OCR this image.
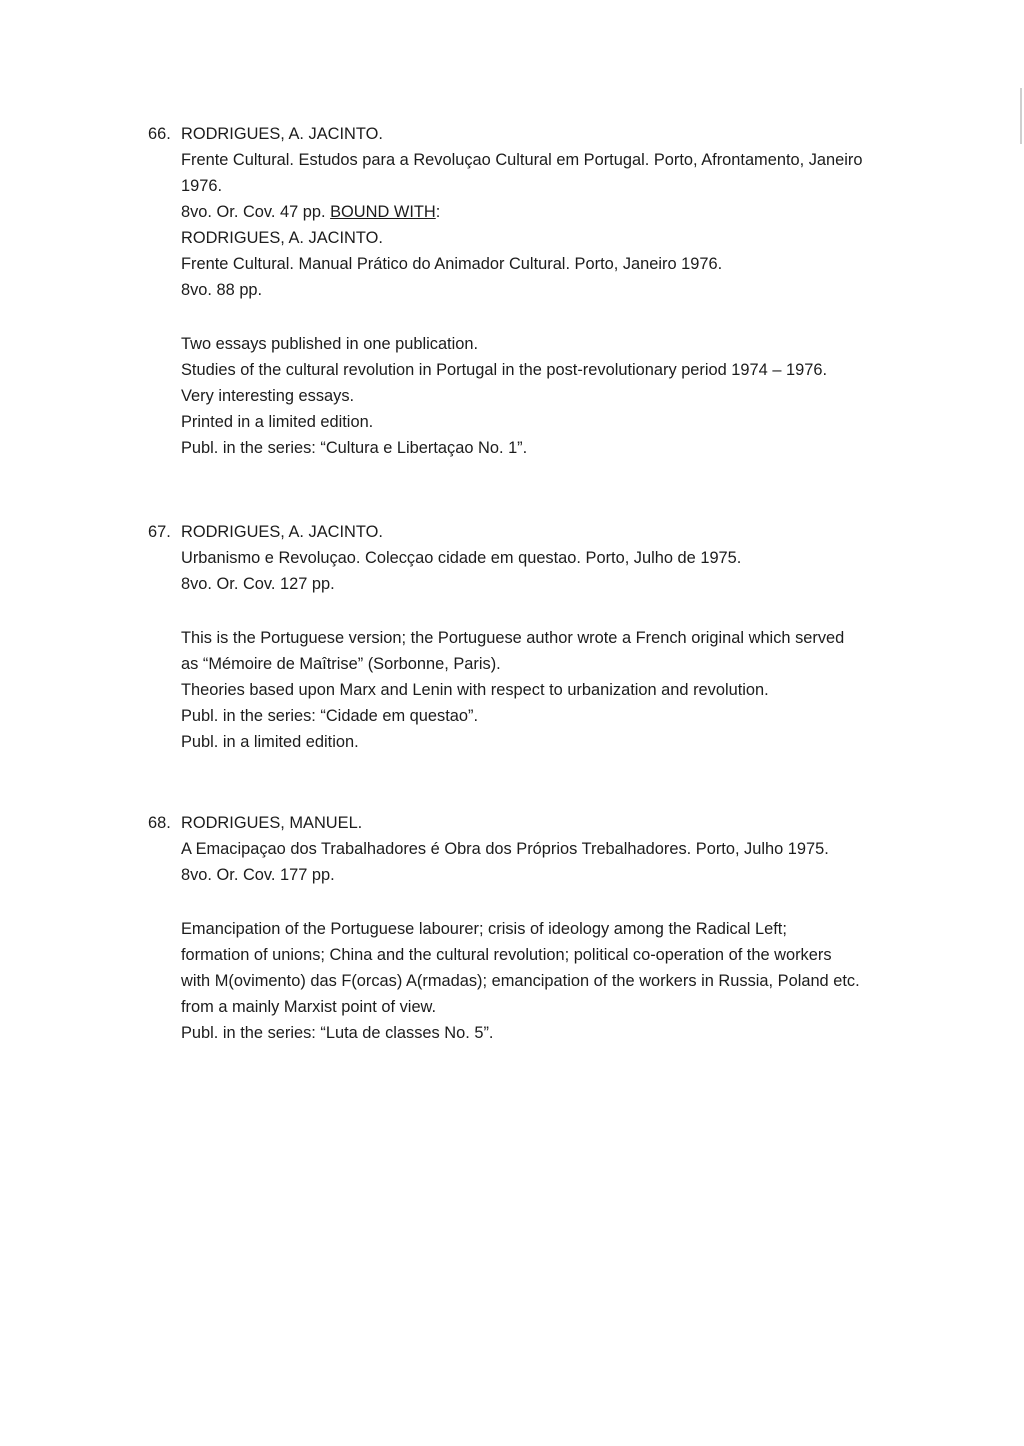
66. RODRIGUES, A. JACINTO.
Frente Cultural. Estudos para a Revoluçao Cultural em Portugal. Porto, Afrontamento, Janeiro
1976.
8vo. Or. Cov. 47 pp. BOUND WITH:
RODRIGUES, A. JACINTO.
Frente Cultural. Manual Prático do Animador Cultural. Porto, Janeiro 1976.
8vo. 88 pp.
Two essays published in one publication.
Studies of the cultural revolution in Portugal in the post-revolutionary period 1974 – 1976.
Very interesting essays.
Printed in a limited edition.
Publ. in the series: “Cultura e Libertaçao No. 1”.
67. RODRIGUES, A. JACINTO.
Urbanismo e Revoluçao. Colecçao cidade em questao. Porto, Julho de 1975.
8vo. Or. Cov. 127 pp.
This is the Portuguese version; the Portuguese author wrote a French original which served
as “Mémoire de Maîtrise” (Sorbonne, Paris).
Theories based upon Marx and Lenin with respect to urbanization and revolution.
Publ. in the series: “Cidade em questao”.
Publ. in a limited edition.
68. RODRIGUES, MANUEL.
A Emacipaçao dos Trabalhadores é Obra dos Próprios Trebalhadores. Porto, Julho 1975.
8vo. Or. Cov. 177 pp.
Emancipation of the Portuguese labourer; crisis of ideology among the Radical Left;
formation of unions; China and the cultural revolution; political co-operation of the workers
with M(ovimento) das F(orcas) A(rmadas); emancipation of the workers in Russia, Poland etc.
from a mainly Marxist point of view.
Publ. in the series: “Luta de classes No. 5”.
